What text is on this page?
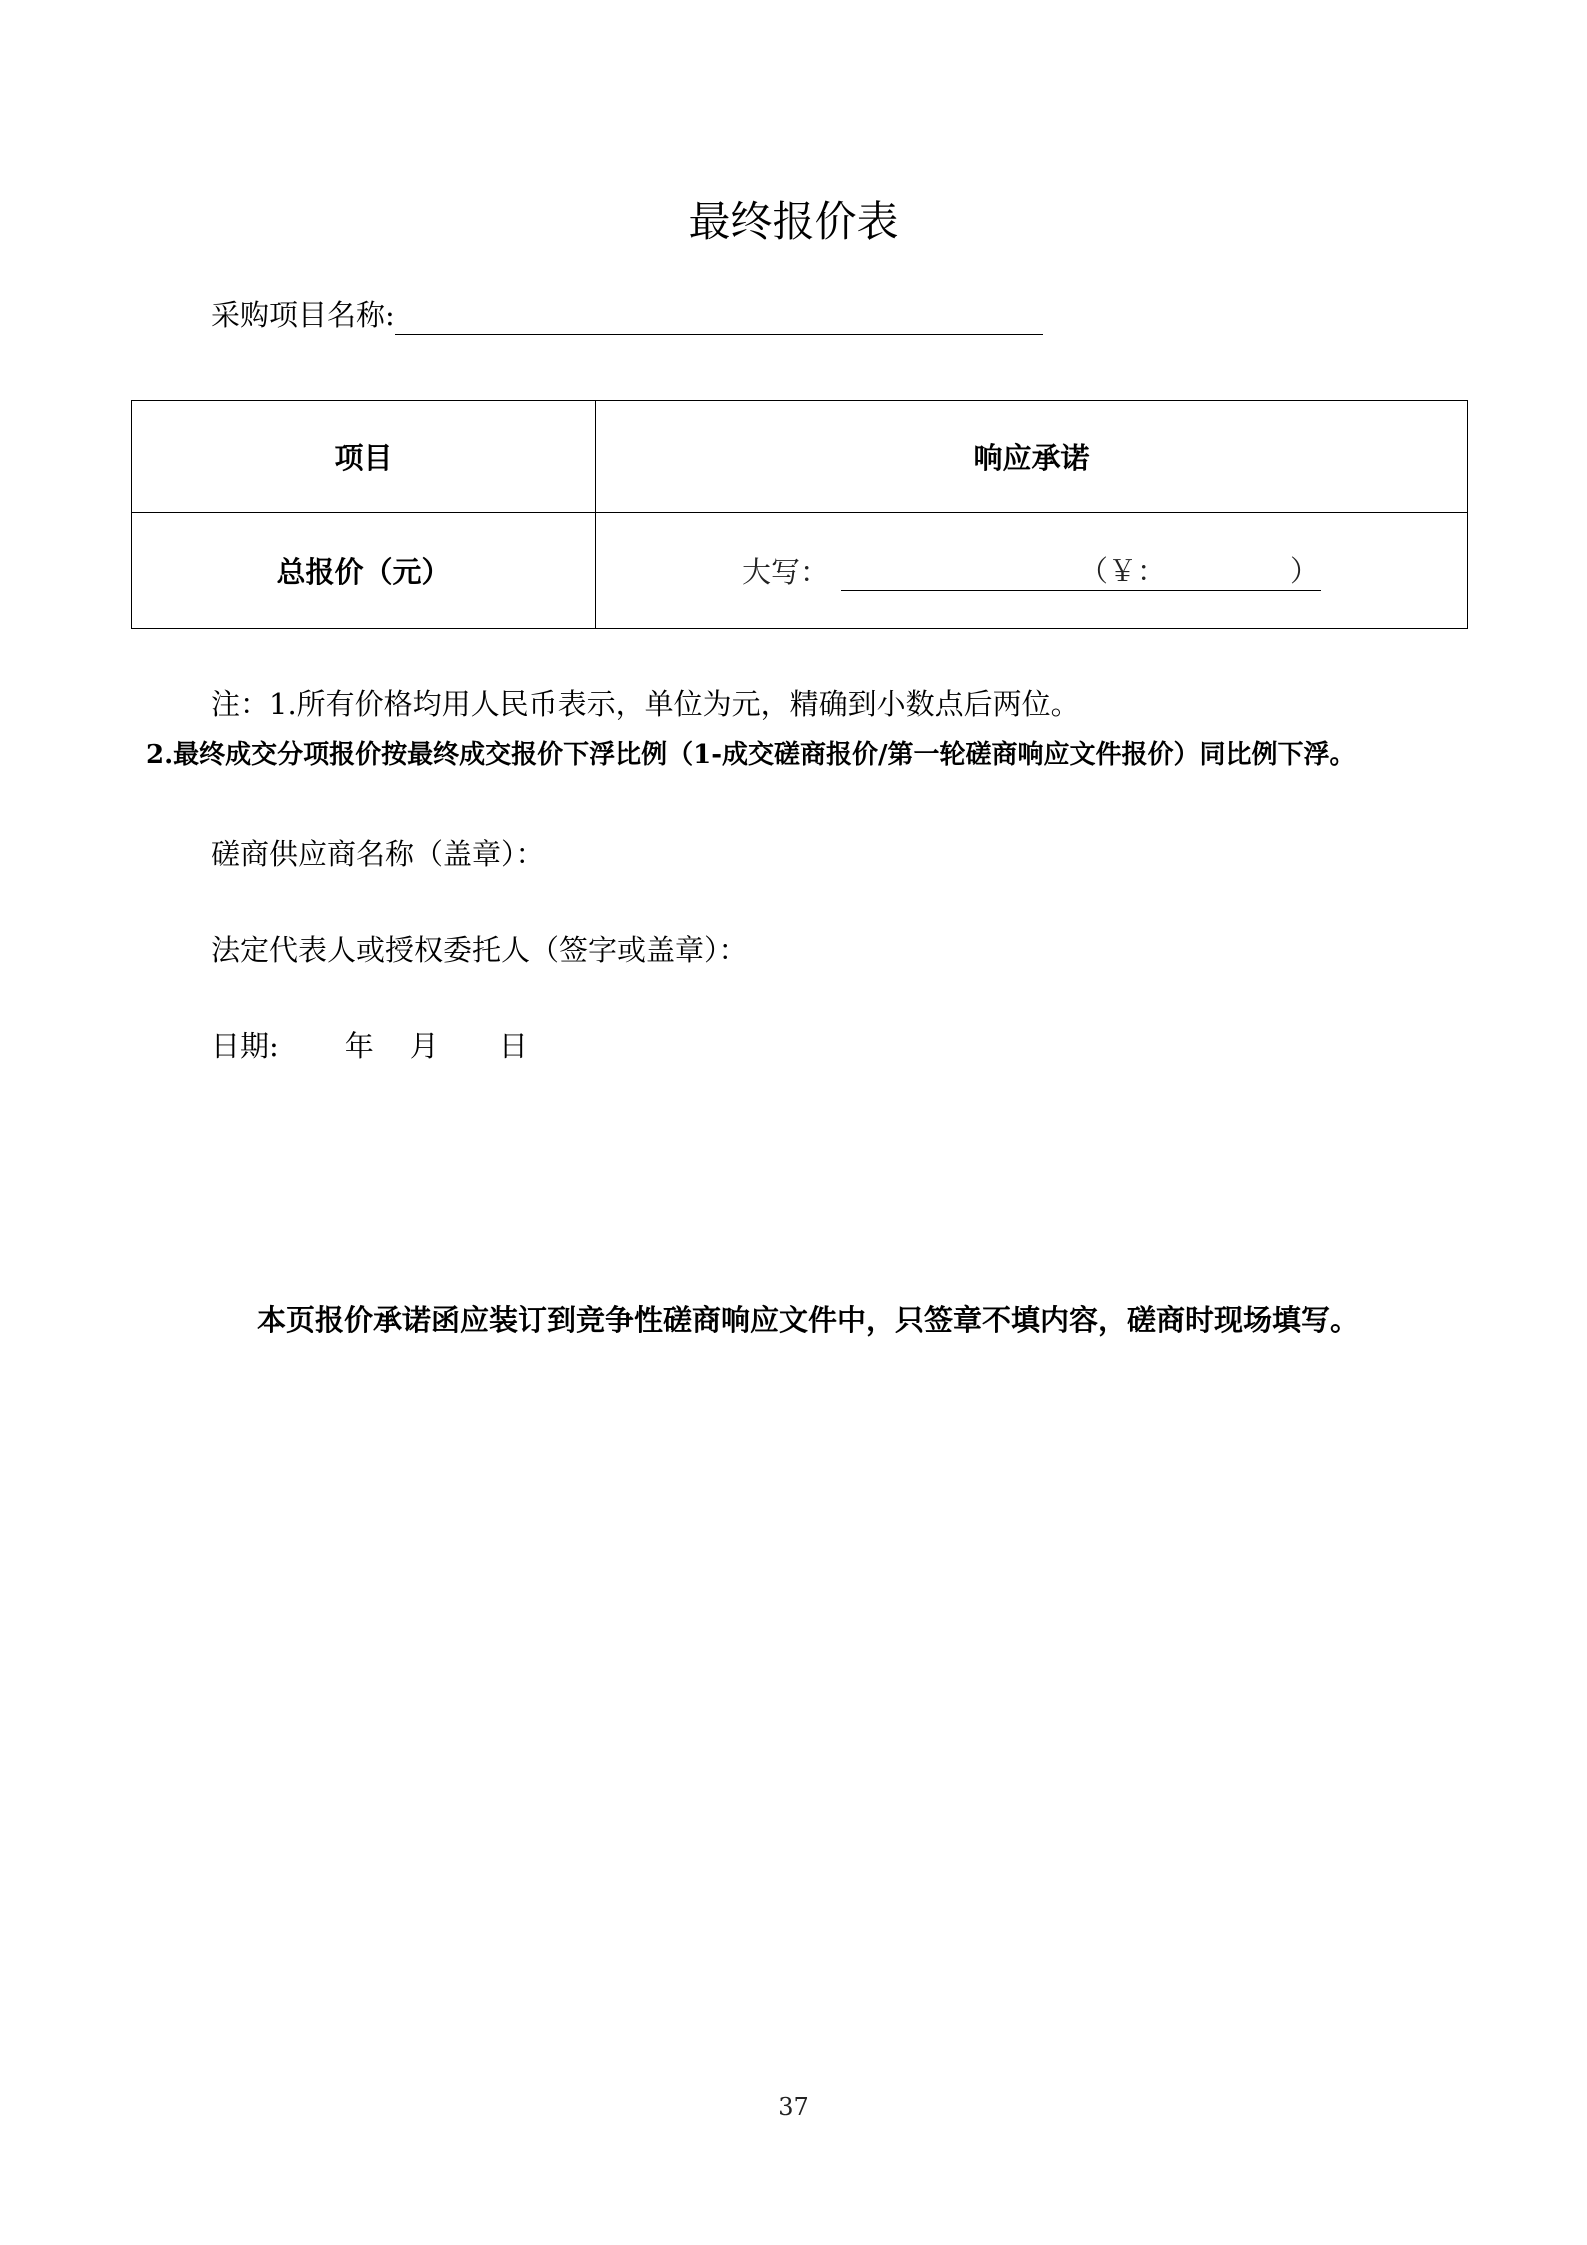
最终报价表
采购项目名称:
项目	响应承诺
总报价（元）	大写： （￥： ）
注：1.所有价格均用人民币表示，单位为元，精确到小数点后两位。
2.最终成交分项报价按最终成交报价下浮比例（1-成交磋商报价/第一轮磋商响应文件报价）同比例下浮。
磋商供应商名称（盖章）：
法定代表人或授权委托人（签字或盖章）：
日期: 年 月 日
本页报价承诺函应装订到竞争性磋商响应文件中，只签章不填内容，磋商时现场填写。
37
